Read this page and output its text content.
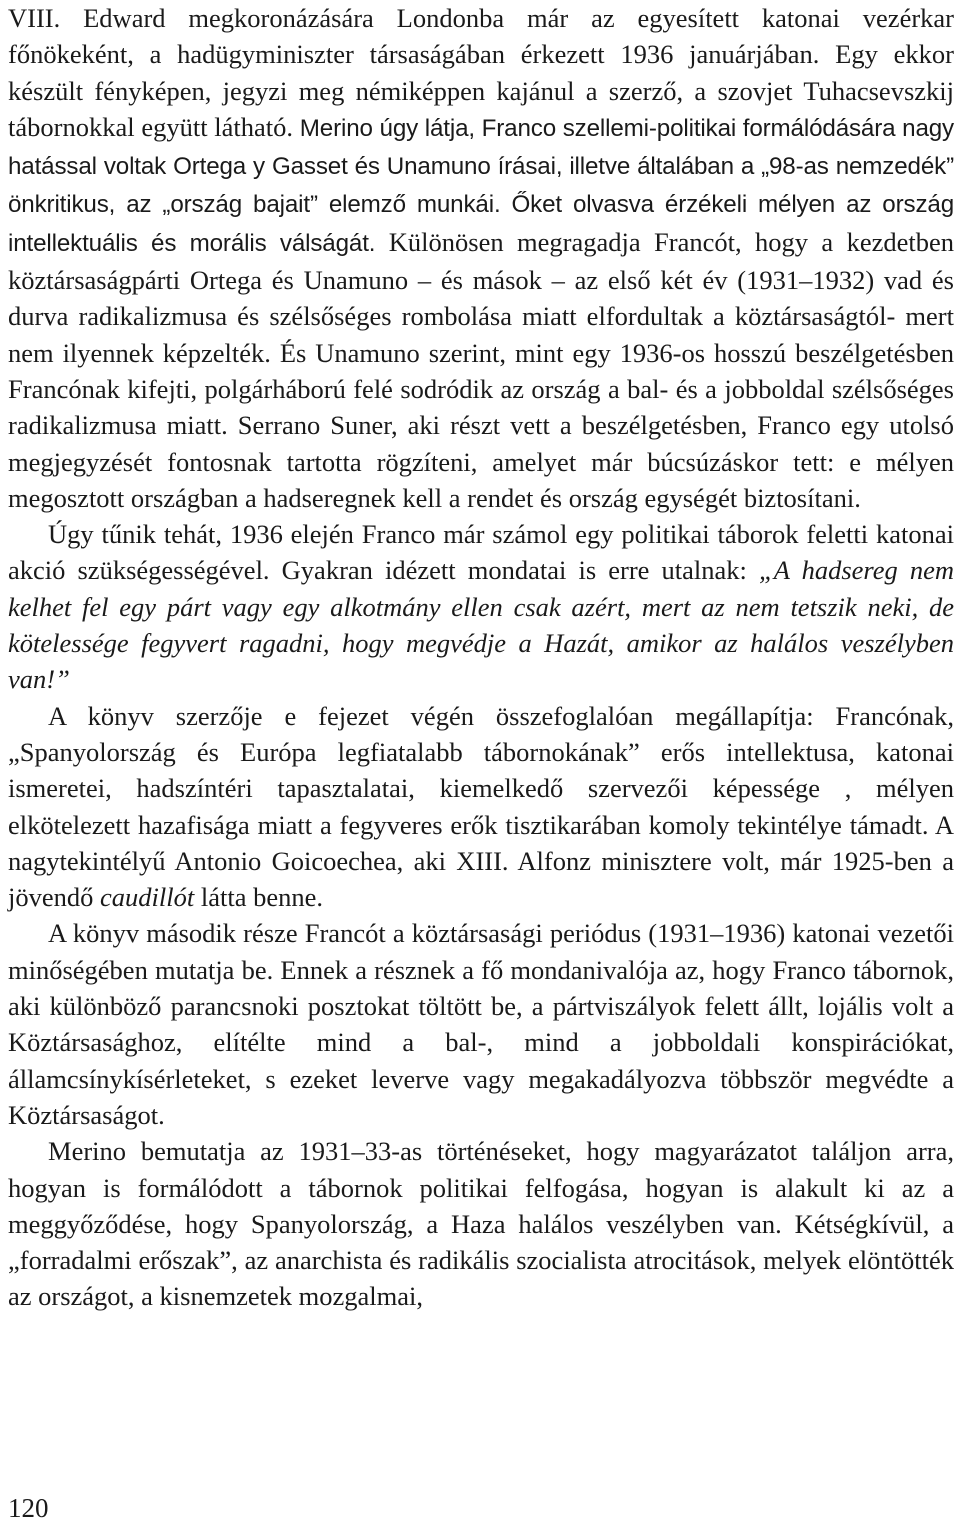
VIII. Edward megkoronázására Londonba már az egyesített katonai vezérkar főnökeként, a hadügyminiszter társaságában érkezett 1936 januárjában. Egy ekkor készült fényképen, jegyzi meg némiképpen kajánul a szerző, a szovjet Tuhacsevszkij tábornokkal együtt látható. Merino úgy látja, Franco szellemi-politikai formálódására nagy hatással voltak Ortega y Gasset és Unamuno írásai, illetve általában a „98-as nemzedék” önkritikus, az „ország bajait” elemző munkái. Őket olvasva érzékeli mélyen az ország intellektuális és morális válságát. Különösen megragadja Francót, hogy a kezdetben köztársaságpárti Ortega és Unamuno – és mások – az első két év (1931–1932) vad és durva radikalizmusa és szélsőséges rombolása miatt elfordultak a köztársaságtól- mert nem ilyennek képzelték. És Unamuno szerint, mint egy 1936-os hosszú beszélgetésben Francónak kifejti, polgárháború felé sodródik az ország a bal- és a jobboldal szélsőséges radikalizmusa miatt. Serrano Suner, aki részt vett a beszélgetésben, Franco egy utolsó megjegyzését fontosnak tartotta rögzíteni, amelyet már búcsúzáskor tett: e mélyen megosztott országban a hadseregnek kell a rendet és ország egységét biztosítani.

Úgy tűnik tehát, 1936 elején Franco már számol egy politikai táborok feletti katonai akció szükségességével. Gyakran idézett mondatai is erre utalnak: „A hadsereg nem kelhet fel egy párt vagy egy alkotmány ellen csak azért, mert az nem tetszik neki, de kötelessége fegyvert ragadni, hogy megvédje a Hazát, amikor az halálos veszélyben van!”

A könyv szerzője e fejezet végén összefoglalóan megállapítja: Francónak, „Spanyolország és Európa legfiatalabb tábornokának” erős intellektusa, katonai ismeretei, hadszíntéri tapasztalatai, kiemelkedő szervezői képessége , mélyen elkötelezett hazafisága miatt a fegyveres erők tisztikarában komoly tekintélye támadt. A nagytekintélyű Antonio Goicoechea, aki XIII. Alfonz minisztere volt, már 1925-ben a jövendő caudillót látta benne.

A könyv második része Francót a köztársasági periódus (1931–1936) katonai vezetői minőségében mutatja be. Ennek a résznek a fő mondanivalója az, hogy Franco tábornok, aki különböző parancsnoki posztokat töltött be, a pártviszályok felett állt, lojális volt a Köztársasághoz, elítélte mind a bal-, mind a jobboldali konspirációkat, államcsínykísérleteket, s ezeket leverve vagy megakadályozva többször megvédte a Köztársaságot.

Merino bemutatja az 1931–33-as történéseket, hogy magyarázatot találjon arra, hogyan is formálódott a tábornok politikai felfogása, hogyan is alakult ki az a meggyőződése, hogy Spanyolország, a Haza halálos veszélyben van. Kétségkívül, a „forradalmi erőszak”, az anarchista és radikális szocialista atrocitások, melyek elöntötték az országot, a kisnemzetek mozgalmai,

120
